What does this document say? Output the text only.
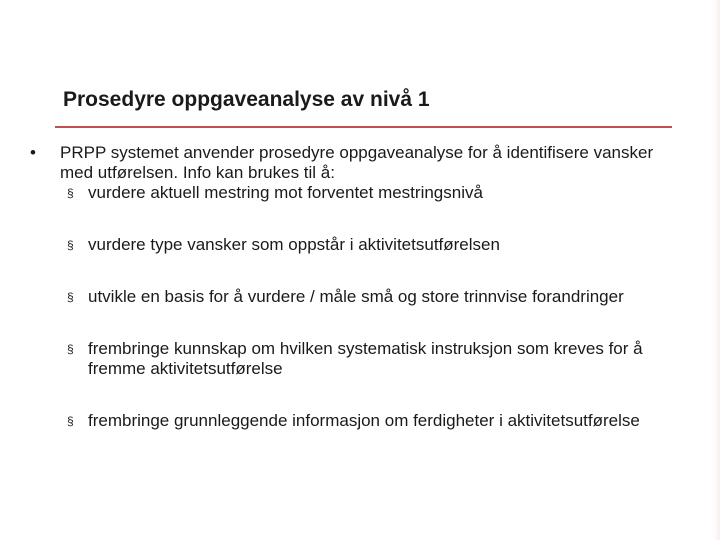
Prosedyre oppgaveanalyse av nivå 1
•	PRPP systemet anvender prosedyre oppgaveanalyse for å identifisere vansker med utførelsen. Info kan brukes til å:
§ vurdere aktuell mestring mot forventet mestringsnivå
§ vurdere type vansker som oppstår i aktivitetsutførelsen
§ utvikle en basis for å vurdere / måle små og store trinnvise forandringer
§ frembringe kunnskap om hvilken systematisk instruksjon som kreves for å fremme aktivitetsutførelse
§ frembringe grunnleggende informasjon om ferdigheter i aktivitetsutførelse
